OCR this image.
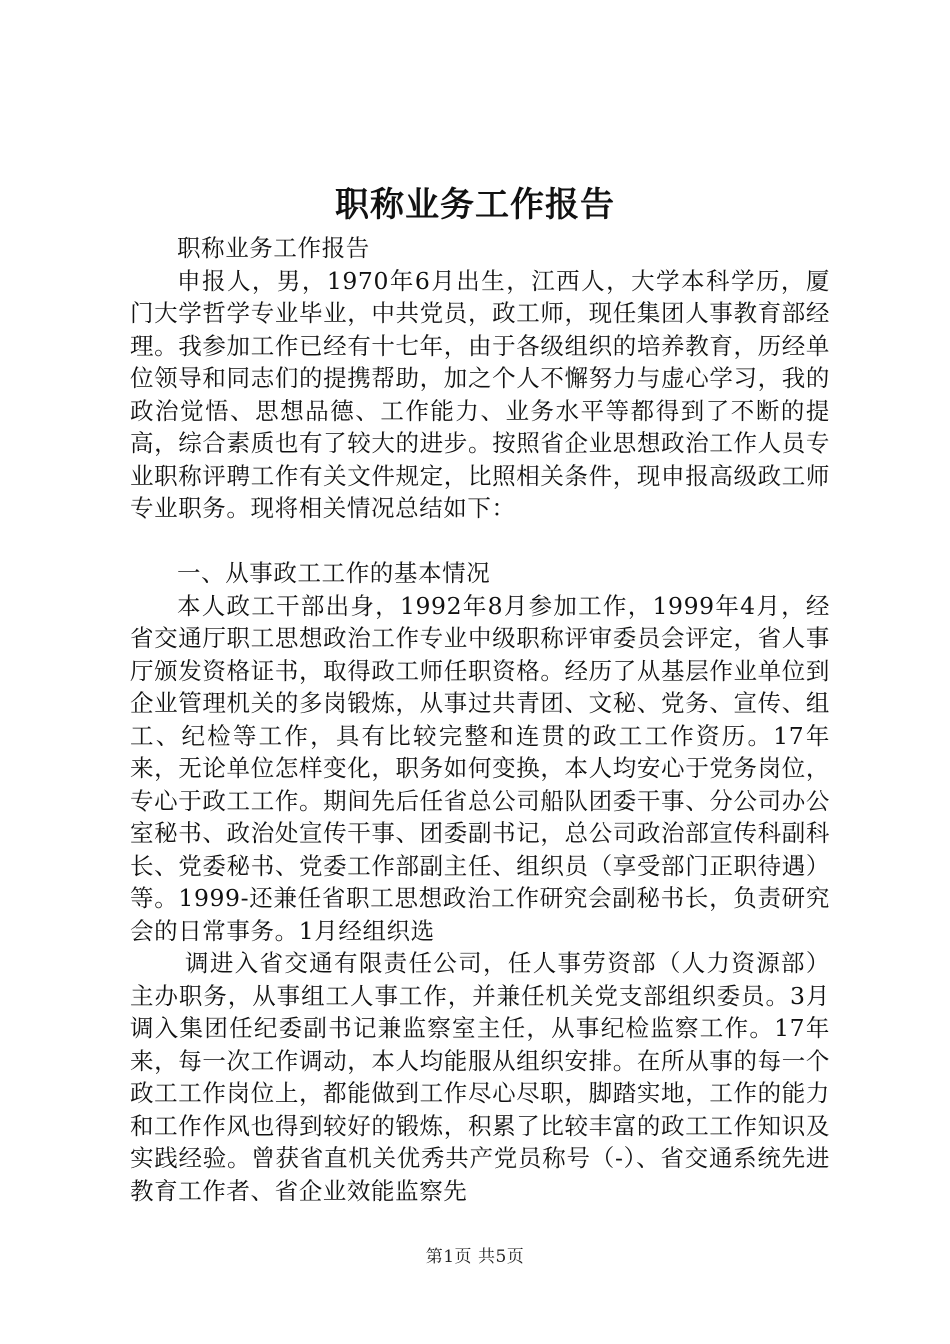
职称业务工作报告

职称业务工作报告

申报人，男，1970年6月出生，江西人，大学本科学历，厦门大学哲学专业毕业，中共党员，政工师，现任集团人事教育部经理。我参加工作已经有十七年，由于各级组织的培养教育，历经单位领导和同志们的提携帮助，加之个人不懈努力与虚心学习，我的政治觉悟、思想品德、工作能力、业务水平等都得到了不断的提高，综合素质也有了较大的进步。按照省企业思想政治工作人员专业职称评聘工作有关文件规定，比照相关条件，现申报高级政工师专业职务。现将相关情况总结如下：

一、从事政工工作的基本情况

本人政工干部出身，1992年8月参加工作，1999年4月，经省交通厅职工思想政治工作专业中级职称评审委员会评定，省人事厅颁发资格证书，取得政工师任职资格。经历了从基层作业单位到企业管理机关的多岗锻炼，从事过共青团、文秘、党务、宣传、组工、纪检等工作，具有比较完整和连贯的政工工作资历。17年来，无论单位怎样变化，职务如何变换，本人均安心于党务岗位，专心于政工工作。期间先后任省总公司船队团委干事、分公司办公室秘书、政治处宣传干事、团委副书记，总公司政治部宣传科副科长、党委秘书、党委工作部副主任、组织员（享受部门正职待遇）等。1999-还兼任省职工思想政治工作研究会副秘书长，负责研究会的日常事务。1月经组织选

调进入省交通有限责任公司，任人事劳资部（人力资源部）主办职务，从事组工人事工作，并兼任机关党支部组织委员。3月调入集团任纪委副书记兼监察室主任，从事纪检监察工作。17年来，每一次工作调动，本人均能服从组织安排。在所从事的每一个政工工作岗位上，都能做到工作尽心尽职，脚踏实地，工作的能力和工作作风也得到较好的锻炼，积累了比较丰富的政工工作知识及实践经验。曾获省直机关优秀共产党员称号（-）、省交通系统先进教育工作者、省企业效能监察先

第1页 共5页
